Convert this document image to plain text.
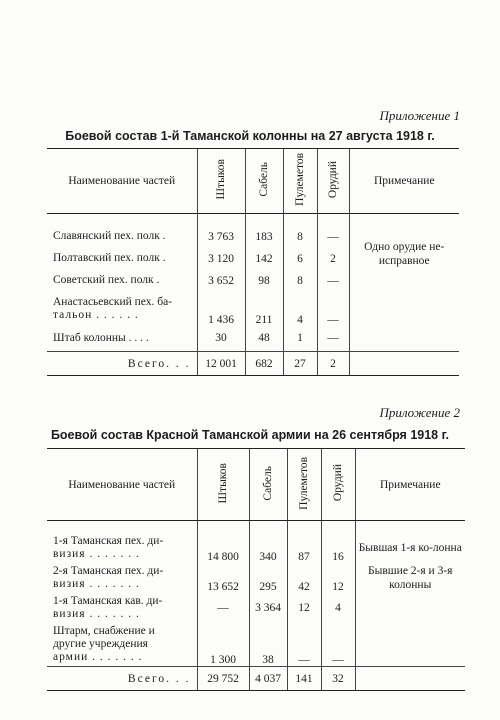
Приложение 1
Боевой состав 1-й Таманской колонны на 27 августа 1918 г.
Наименование частей	Штыков	Сабель	Пулеметов	Орудий	Примечание

Славянский пех. полк .	3 763	183	8	—	Одно орудие не-исправное
Полтавский пех. полк .	3 120	142	6	2	
Советский пех. полк .	3 652	98	8	—	

Анастасьевский пех. ба-
тальон . . . . . .	1 436	211	4	—	
Штаб колонны . . . .	30	48	1	—	
Всего. . .	12 001	682	27	2	
Приложение 2
Боевой состав Красной Таманской армии на 26 сентября 1918 г.
Наименование частей	Штыков	Сабель	Пулеметов	Орудий	Примечание

1-я Таманская пех. ди-
визия . . . . . . .	14 800	340	87	16	Бывшая 1-я ко-лонна

2-я Таманская пех. ди-
визия . . . . . . .	13 652	295	42	12	Бывшие 2-я и 3-я колонны

1-я Таманская кав. ди-
визия . . . . . . .	—	3 364	12	4	

Штарм, снабжение и
другие учреждения
армии . . . . . . .	1 300	38	—	—	
Всего. . .	29 752	4 037	141	32	
